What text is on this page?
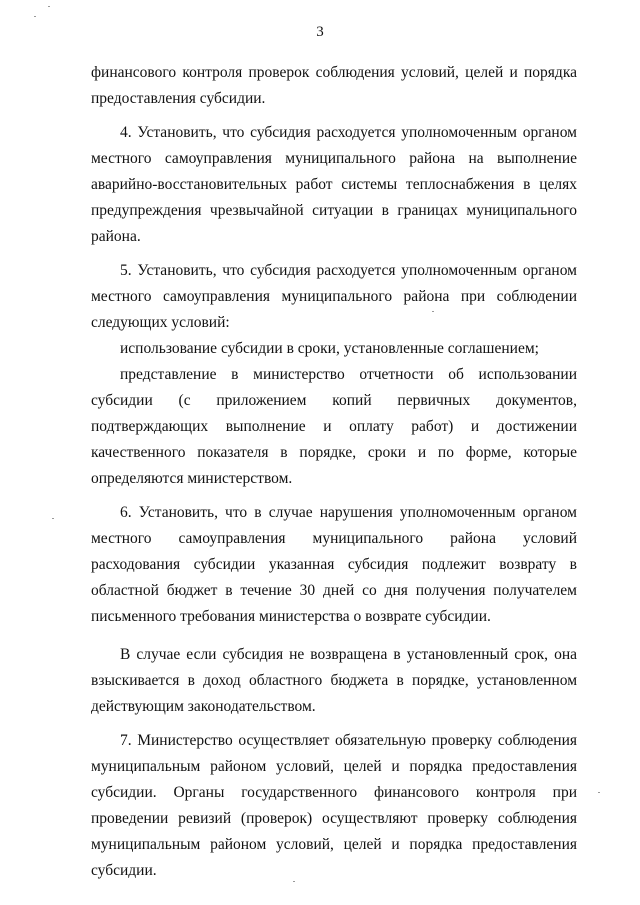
3

финансового контроля проверок соблюдения условий, целей и порядка предоставления субсидии.

4. Установить, что субсидия расходуется уполномоченным органом местного самоуправления муниципального района на выполнение аварийно-восстановительных работ системы теплоснабжения в целях предупреждения чрезвычайной ситуации в границах муниципального района.

5. Установить, что субсидия расходуется уполномоченным органом местного самоуправления муниципального района при соблюдении следующих условий:

использование субсидии в сроки, установленные соглашением;

представление в министерство отчетности об использовании субсидии (с приложением копий первичных документов, подтверждающих выполнение и оплату работ) и достижении качественного показателя в порядке, сроки и по форме, которые определяются министерством.

6. Установить, что в случае нарушения уполномоченным органом местного самоуправления муниципального района условий расходования субсидии указанная субсидия подлежит возврату в областной бюджет в течение 30 дней со дня получения получателем письменного требования министерства о возврате субсидии.

В случае если субсидия не возвращена в установленный срок, она взыскивается в доход областного бюджета в порядке, установленном действующим законодательством.

7. Министерство осуществляет обязательную проверку соблюдения муниципальным районом условий, целей и порядка предоставления субсидии. Органы государственного финансового контроля при проведении ревизий (проверок) осуществляют проверку соблюдения муниципальным районом условий, целей и порядка предоставления субсидии.
